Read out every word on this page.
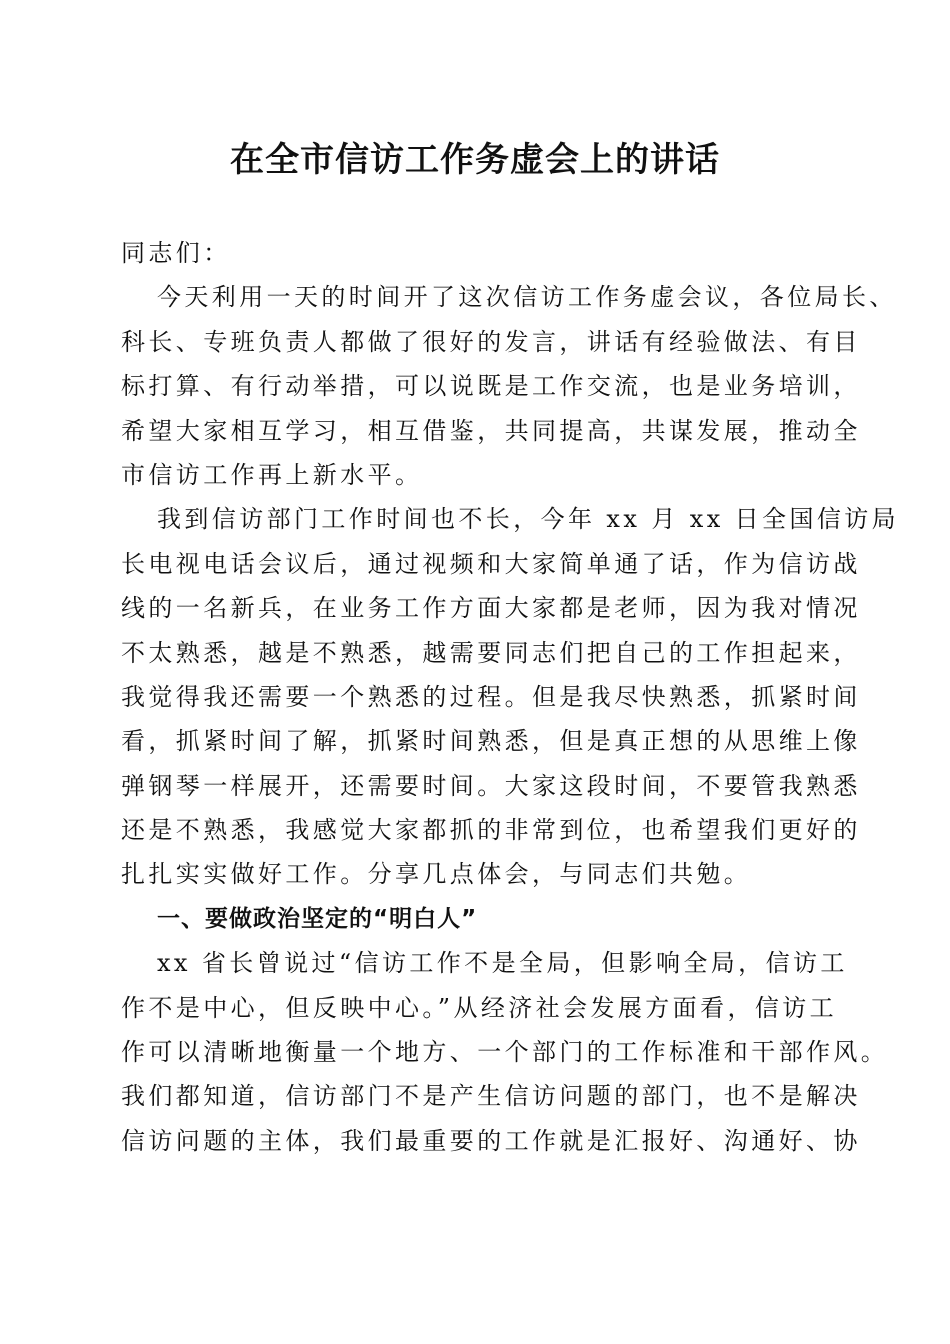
在全市信访工作务虚会上的讲话
同志们：
今天利用一天的时间开了这次信访工作务虚会议，各位局长、
科长、专班负责人都做了很好的发言，讲话有经验做法、有目
标打算、有行动举措，可以说既是工作交流，也是业务培训，
希望大家相互学习，相互借鉴，共同提高，共谋发展，推动全
市信访工作再上新水平。
我到信访部门工作时间也不长，今年 xx 月 xx 日全国信访局
长电视电话会议后，通过视频和大家简单通了话，作为信访战
线的一名新兵，在业务工作方面大家都是老师，因为我对情况
不太熟悉，越是不熟悉，越需要同志们把自己的工作担起来，
我觉得我还需要一个熟悉的过程。但是我尽快熟悉，抓紧时间
看，抓紧时间了解，抓紧时间熟悉，但是真正想的从思维上像
弹钢琴一样展开，还需要时间。大家这段时间，不要管我熟悉
还是不熟悉，我感觉大家都抓的非常到位，也希望我们更好的
扎扎实实做好工作。分享几点体会，与同志们共勉。
一、要做政治坚定的“明白人”
xx 省长曾说过“信访工作不是全局，但影响全局，信访工
作不是中心，但反映中心。”从经济社会发展方面看，信访工
作可以清晰地衡量一个地方、一个部门的工作标准和干部作风。
我们都知道，信访部门不是产生信访问题的部门，也不是解决
信访问题的主体，我们最重要的工作就是汇报好、沟通好、协
